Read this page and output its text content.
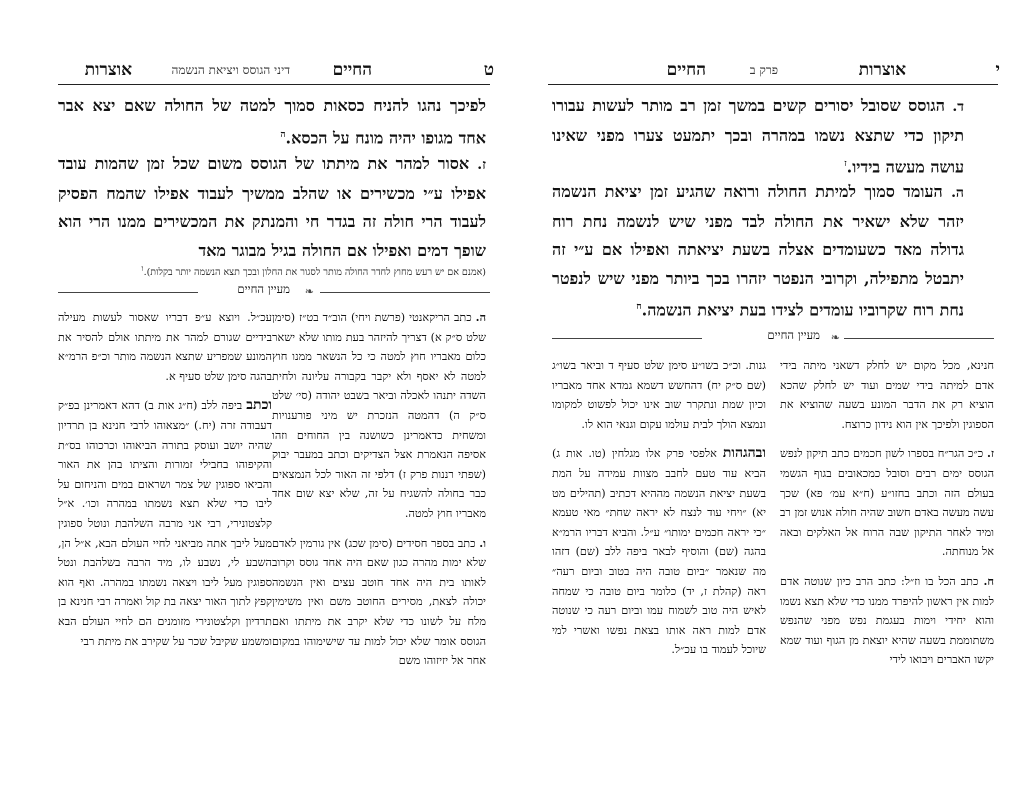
ט
החיים
דיני הגוסס ויציאת הנשמה
אוצרות
לפיכך נהגו להניח כסאות סמוך למטה של החולה שאם יצא אבר אחד מגופו יהיה מונח על הכסא.$^ה$
ז. אסור למהר את מיתתו של הגוסס משום שכל זמן שהמות עובד אפילו ע״י מכשירים או שהלב ממשיך לעבוד אפילו שהמח הפסיק לעבוד הרי חולה זה בגדר חי והמנתק את המכשירים ממנו הרי הוא שופך דמים ואפילו אם החולה בגיל מבוגר מאד
(אמנם אם יש רעש מחוץ לחדר החולה מותר לסגור את החלון ובכך תצא הנשמה יותר בקלות).$^ו$
❧
מעיין החיים
ה. כתב הריקאנטי (פרשת ויחי) הוב״ד בט״ז (סימן שלט ס״ק א) דצריך להיזהר בעת מותו שלא ישאר כלום מאבריו חוץ למטה כי כל הנשאר ממנו חוץ למטה לא יאסף ולא יקבר בקבורה עליונה ולחית השדה יתנהו לאכלה וביאר בשבט יהודה (סי׳ שלט ס״ק ה) דהמטה הנזכרת יש מיני פורענויות ומשחית כדאמרינן כשושנה בין החוחים וזהו אסיפה הנאמרת אצל הצדיקים וכתב במעבר יבוק (שפתי רננות פרק ז) דלפי זה האור לכל הנמצאים כבר בחולה להשגיח על זה, שלא יצא שום אחד מאבריו חוץ למטה.
ו. כתב בספר חסידים (סימן שכג) אין גורמין לאדם שלא ימות מהרה כגון שאם היה אחד גוסס וקרוב לאותו בית היה אחד חוטב עצים ואין הנשמה יכולה לצאת, מסירים החוטב משם ואין משימין מלח על לשונו כדי שלא יקרב את מיתתו ואם הגוסס אומר שלא יכול למות עד שישימוהו במקום אחר אל יזיזוהו משם
עכ״ל. ויוצא ע״פ דבריו שאסור לעשות מעילה בידיים שגורם למהר את מיתתו אולם להסיר את המונע שמפריע שתצא הנשמה מותר וכ״פ הרמ״א בהגה סימן שלט סעיף א.
וכתב ביפה ללב (ח״ג אות ב) דהא דאמרינן בפ״ק דעבודה זרה (יח.) ״מצאוהו לרבי חנינא בן תרדיון שהיה יושב ועוסק בתורה הביאוהו וכרכוהו בס״ת והקיפוהו בחבילי זמורות והציתו בהן את האור והביאו ספוגין של צמר ושראום במים והניחום על ליבו כדי שלא תצא נשמתו במהרה וכו׳. א״ל קלצטונירי, רבי אני מרבה השלהבת ונוטל ספוגין מעל ליבך אתה מביאני לחיי העולם הבא, א״ל הן, השבע לי, נשבע לו, מיד הרבה בשלהבת ונטל ספוגין מעל ליבו ויצאה נשמתו במהרה. ואף הוא קפץ לתוך האור יצאה בת קול ואמרה רבי חנינא בן תרדיון וקלצטונירי מזומנים הם לחיי העולם הבא ומשמע שקיבל שכר על שקירב את מיתת רבי
י
אוצרות
פרק ב
החיים
ד. הגוסס שסובל יסורים קשים במשך זמן רב מותר לעשות עבורו תיקון כדי שתצא נשמו במהרה ובכך יתמעט צערו מפני שאינו עושה מעשה בידיו.$^ז$
ה. העומד סמוך למיתת החולה ורואה שהגיע זמן יציאת הנשמה יזהר שלא ישאיר את החולה לבד מפני שיש לנשמה נחת רוח גדולה מאד כשעומדים אצלה בשעת יציאתה ואפילו אם ע״י זה יתבטל מתפילה, וקרובי הנפטר יזהרו בכך ביותר מפני שיש לנפטר נחת רוח שקרוביו עומדים לצידו בעת יציאת הנשמה.$^ח$
❧
מעיין החיים
חנינא, מכל מקום יש לחלק דשאני מיתה בידי אדם למיתה בידי שמים ועוד יש לחלק שהכא הוציא רק את הדבר המונע בשעה שהוציא את הספוגין ולפיכך אין הוא נידון כרוצח.
ז. כ״כ הגר״ח בספרו לשון חכמים כתב תיקון לנפש הגוסס ימים רבים וסובל כמכאובים בגוף הגשמי בעולם הזה וכתב בחזו״ע (ח״א עמ׳ פא) שכך עשה מעשה באדם חשוב שהיה חולה אנוש זמן רב ומיד לאחר התיקון שבה הרוח אל האלקים ובאה אל מנוחתה.
ח. כתב הכל בו וז״ל: כתב הרב כיון שנוטה אדם למות אין ראשון להיפרד ממנו כדי שלא תצא נשמו והוא יחידי וימות בעגמת נפש מפני שהנפש משתוממת בשעה שהיא יוצאת מן הגוף ועוד שמא יקשו האברים ויבואו לידי
גנות. וכ״כ בשו״ע סימן שלט סעיף ד וביאר בשו״ג (שם ס״ק יח) דהחשש דשמא גמדא אחד מאבריו וכיון שמת ונתקרר שוב אינו יכול לפשוט למקומו ונמצא הולך לבית עולמו עקום וגנאי הוא לו.
ובהגהות אלפסי פרק אלו מגלחין (טו. אות ג) הביא עוד טעם לחבב מצוות עמידה על המת בשעת יציאת הנשמה מההיא דכתיב (תהילים מט יא) ״ויחי עוד לנצח לא יראה שחת״ מאי טעמא ״כי יראה חכמים ימותו״ ע״ל. והביא דבריו הרמ״א בהגה (שם) והוסיף לבאר ביפה ללב (שם) דזהו מה שנאמר ״ביום טובה היה בטוב וביום רעה״ ראה (קהלת ז, יד) כלומר ביום טובה כי שמחה לאיש היה טוב לשמוח עמו וביום רעה כי שנוטה אדם למות ראה אותו בצאת נפשו ואשרי למי שיוכל לעמוד בו עכ״ל.
